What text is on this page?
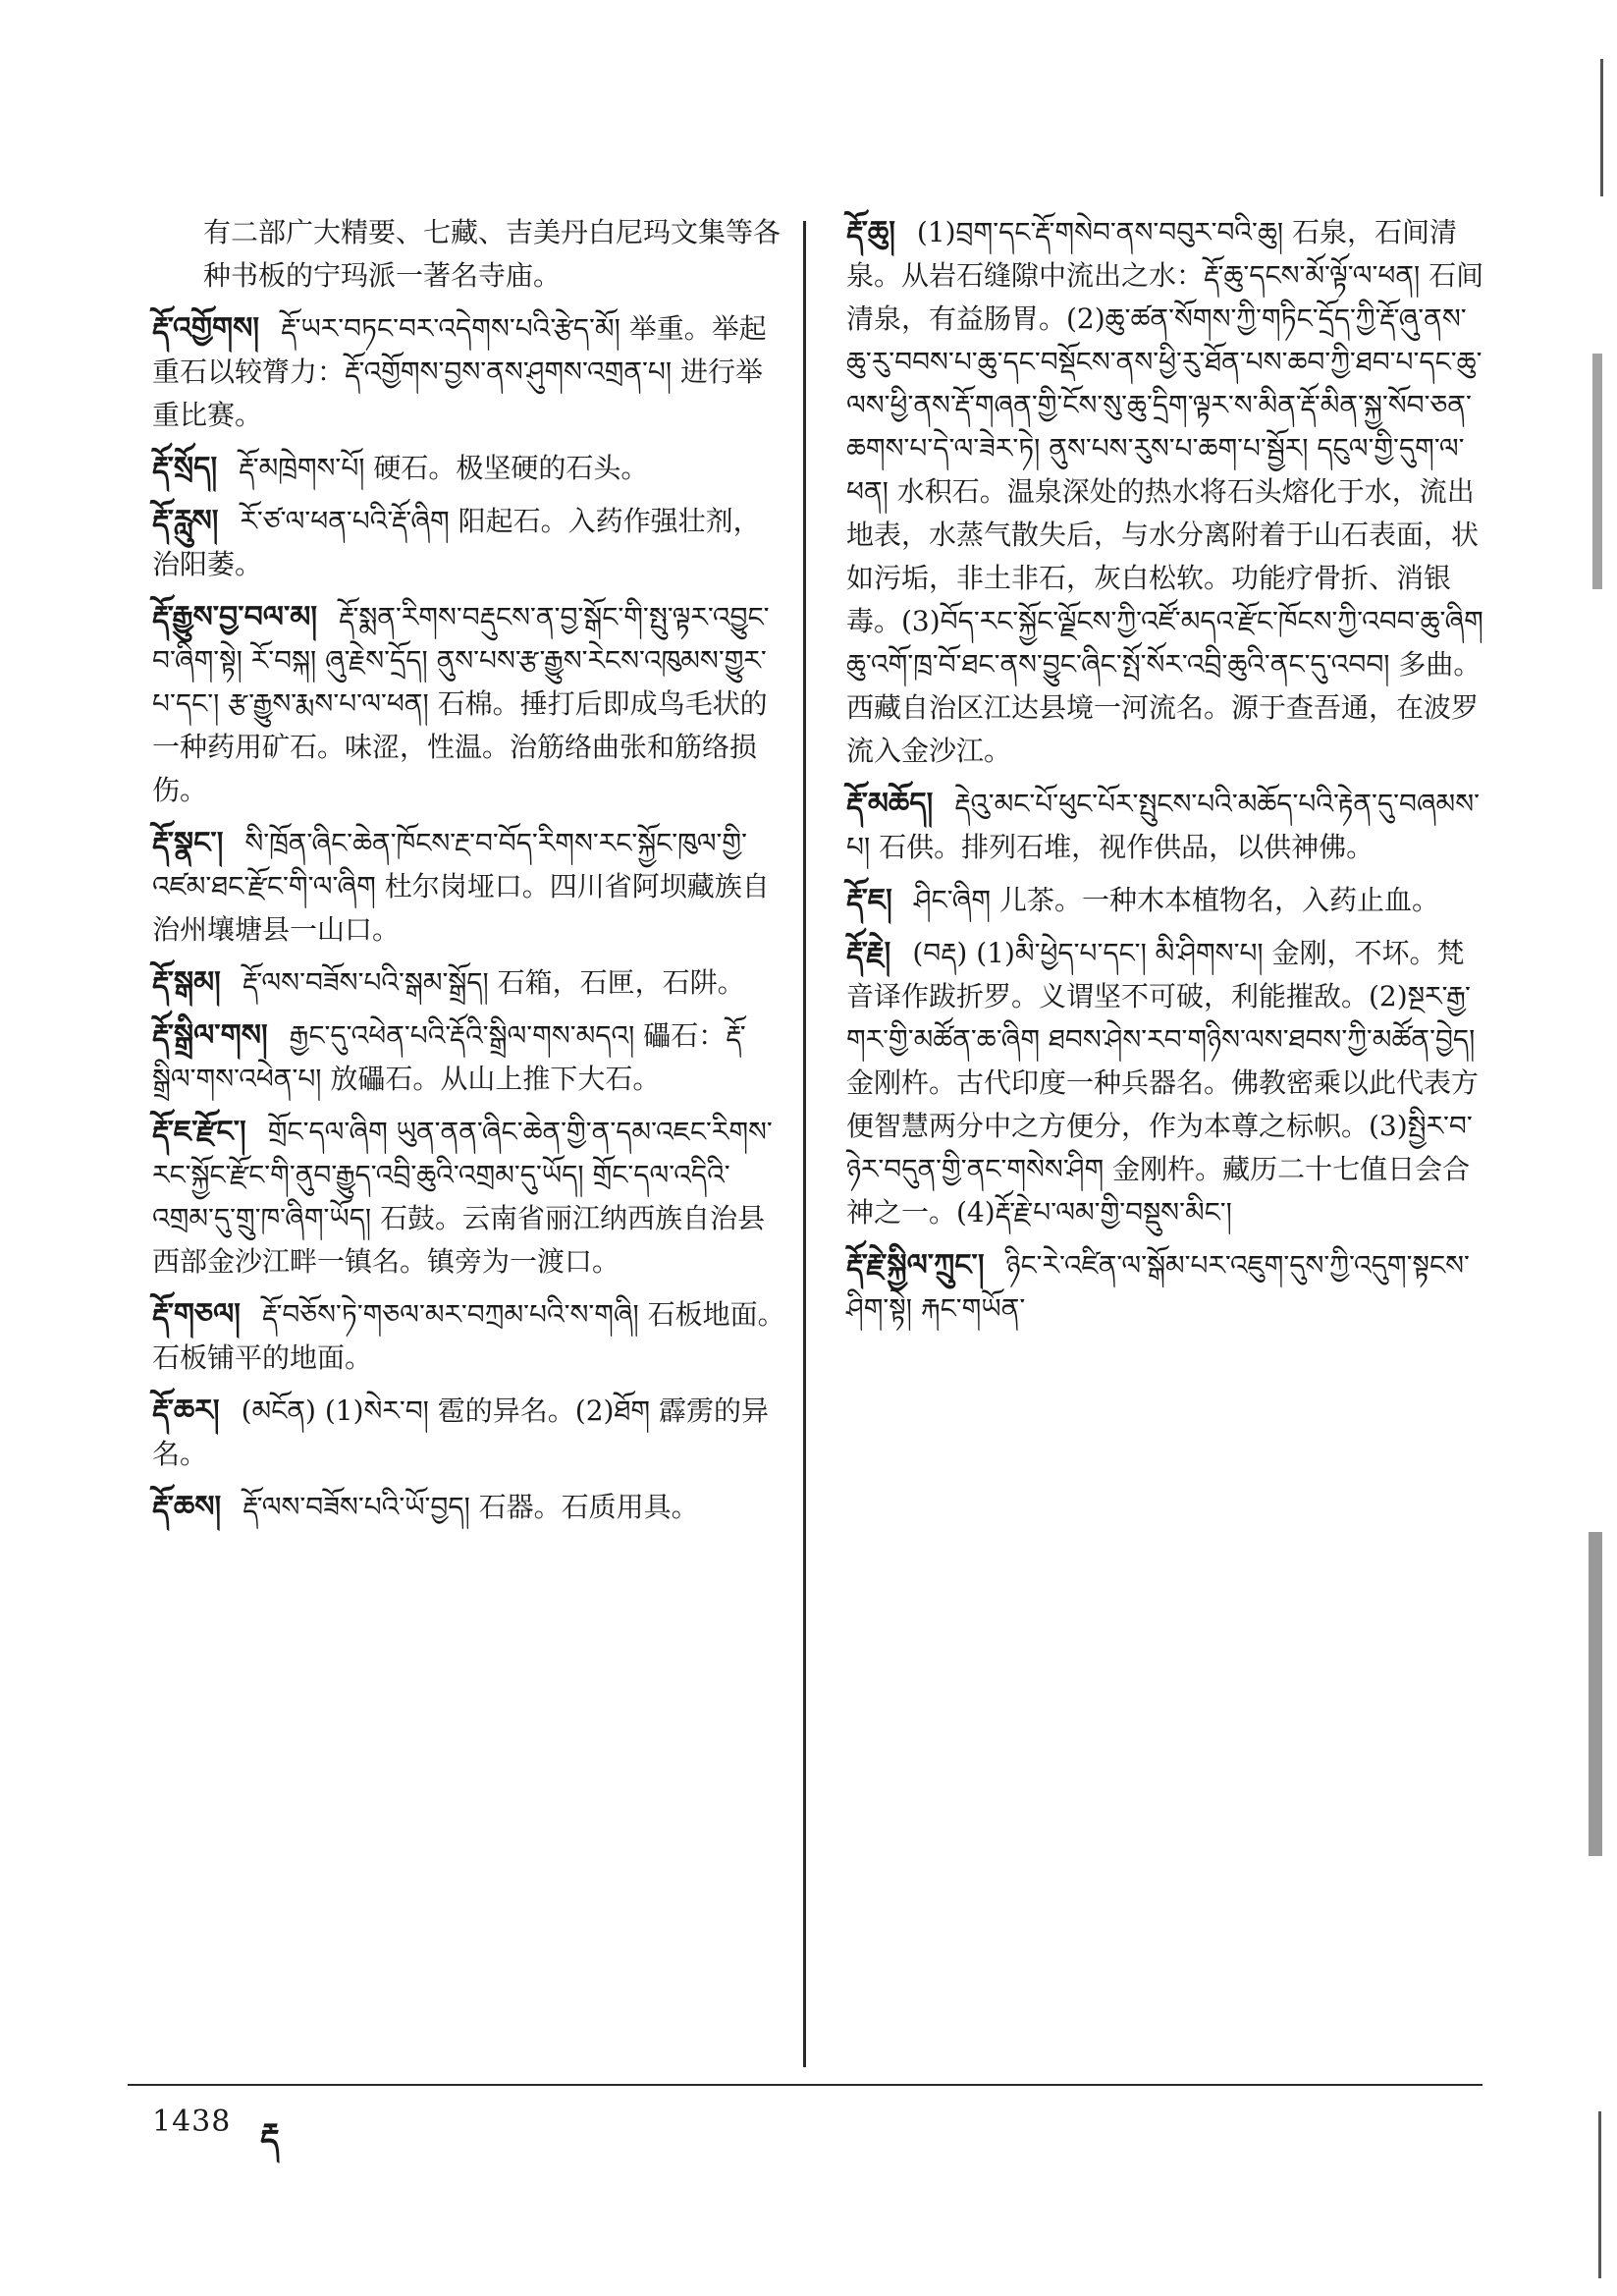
有二部广大精要、七藏、吉美丹白尼玛文集等各种书板的宁玛派一著名寺庙。

རྡོ་འགྱོགས། རྡོ་ཡར་བཏང་བར་འདེགས་པའི་རྩེད་མོ། 举重。举起重石以较膂力：རྡོ་འགྱོགས་བྱས་ནས་ཤུགས་འགྲན་པ། 进行举重比赛。
རྡོ་སྲོད། རྡོ་མཁྲེགས་པོ། 硬石。极坚硬的石头。
རྡོ་རླུས། རོ་ཙ་ལ་ཕན་པའི་རྡོ་ཞིག 阳起石。入药作强壮剂，治阳萎。
རྡོ་རྒྱུས་བྱ་བལ་མ། རྡོ་སྨན་རིགས་བརྡུངས་ན་བྱ་སྒོང་གི་སྤུ་ལྟར་འབྱུང་བ་ཞིག་སྟེ། རོ་བསྐ། ཞུ་རྗེས་དྲོད། ནུས་པས་རྩ་རྒྱུས་རེངས་འཁུམས་གྱུར་པ་དང་། རྩ་རྒྱུས་རྨས་པ་ལ་ཕན། 石棉。捶打后即成鸟毛状的一种药用矿石。味涩，性温。治筋络曲张和筋络损伤。
རྡོ་སྣང་། སི་ཁྲོན་ཞིང་ཆེན་ཁོངས་རྔ་བ་བོད་རིགས་རང་སྐྱོང་ཁུལ་གྱི་འཛམ་ཐང་རྫོང་གི་ལ་ཞིག 杜尔岗垭口。四川省阿坝藏族自治州壤塘县一山口。
རྡོ་སྒམ། རྡོ་ལས་བཟོས་པའི་སྒམ་སྒྲོད། 石箱，石匣，石阱。
རྡོ་སྒྲིལ་གས། རྒྱང་དུ་འཕེན་པའི་རྡོའི་སྒྲིལ་གས་མདའ། 礧石：རྡོ་སྒྲིལ་གས་འཕེན་པ། 放礧石。从山上推下大石。
རྡོ་ཇ་རྫོང་། གྲོང་དལ་ཞིག ཡུན་ནན་ཞིང་ཆེན་གྱི་ན་དམ་འཇང་རིགས་རང་སྐྱོང་རྫོང་གི་ནུབ་རྒྱུད་འབྲི་ཆུའི་འགྲམ་དུ་ཡོད། གྲོང་དལ་འདིའི་འགྲམ་དུ་གྲུ་ཁ་ཞིག་ཡོད། 石鼓。云南省丽江纳西族自治县西部金沙江畔一镇名。镇旁为一渡口。
རྡོ་གཅལ། རྡོ་བཅོས་ཏེ་གཅལ་མར་བཀྲམ་པའི་ས་གཞི། 石板地面。石板铺平的地面。
རྡོ་ཆར། (མངོན) (1)སེར་བ། 雹的异名。(2)ཐོག 霹雳的异名。
རྡོ་ཆས། རྡོ་ལས་བཟོས་པའི་ཡོ་བྱད། 石器。石质用具。
རྡོ་ཆུ། (1)བྲག་དང་རྡོ་གསེབ་ནས་བབུར་བའི་ཆུ། 石泉，石间清泉。从岩石缝隙中流出之水：རྡོ་ཆུ་དངས་མོ་ལྟོ་ལ་ཕན། 石间清泉，有益肠胃。(2)ཆུ་ཚན་སོགས་ཀྱི་གཏིང་དྲོད་ཀྱི་རྡོ་ཞུ་ནས་ཆུ་རུ་བབས་པ་ཆུ་དང་བསྡོངས་ནས་ཕྱི་རུ་ཐོན་པས་ཆབ་ཀྱི་ཐབ་པ་དང་ཆུ་ལས་ཕྱི་ནས་རྡོ་གཞན་གྱི་ངོས་སུ་ཆུ་དྲིག་ལྟར་ས་མིན་རྡོ་མིན་སྐྱ་སོབ་ཅན་ཆགས་པ་དེ་ལ་ཟེར་ཏེ། ནུས་པས་རུས་པ་ཆག་པ་སྦྱོར། དངུལ་གྱི་དུག་ལ་ཕན། 水积石。温泉深处的热水将石头熔化于水，流出地表，水蒸气散失后，与水分离附着于山石表面，状如污垢，非土非石，灰白松软。功能疗骨折、消银毒。(3)བོད་རང་སྐྱོང་ལྗོངས་ཀྱི་འཛོ་མདའ་རྫོང་ཁོངས་ཀྱི་འབབ་ཆུ་ཞིག ཆུ་འགོ་ཁྲ་བོ་ཐང་ནས་བྱུང་ཞིང་སྤོ་སོར་འབྲི་ཆུའི་ནང་དུ་འབབ། 多曲。西藏自治区江达县境一河流名。源于查吾通，在波罗流入金沙江。
རྡོ་མཆོད། རྡེའུ་མང་པོ་ཕུང་པོར་སྤུངས་པའི་མཆོད་པའི་རྟེན་དུ་བཞམས་པ། 石供。排列石堆，视作供品，以供神佛。
རྡོ་ཇ། ཤིང་ཞིག 儿茶。一种木本植物名，入药止血。
རྡོ་རྗེ། (བརྡ) (1)མི་ཕྱེད་པ་དང་། མི་ཤིགས་པ། 金刚，不坏。梵音译作跋折罗。义谓坚不可破，利能摧敌。(2)སྔར་རྒྱ་གར་གྱི་མཚོན་ཆ་ཞིག ཐབས་ཤེས་རབ་གཉིས་ལས་ཐབས་ཀྱི་མཚོན་བྱེད། 金刚杵。古代印度一种兵器名。佛教密乘以此代表方便智慧两分中之方便分，作为本尊之标帜。(3)སྤྱིར་བ་ཉེར་བདུན་གྱི་ནང་གསེས་ཤིག 金刚杵。藏历二十七值日会合神之一。(4)རྡོ་རྗེ་པ་ལམ་གྱི་བསྡུས་མིང་།
རྡོ་རྗེ་སྐྱིལ་ཀྲུང་། ཉིང་རེ་འཛིན་ལ་སྒོམ་པར་འཇུག་དུས་ཀྱི་འདུག་སྟངས་ཤིག་སྟེ། རྐང་གཡོན་
1438 རྡ
